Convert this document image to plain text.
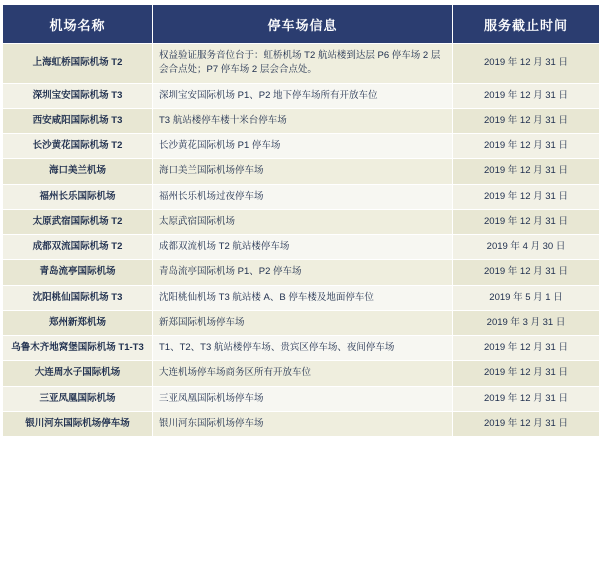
机场名称	停车场信息	服务截止时间
上海虹桥国际机场 T2	权益验证服务音位台于：虹桥机场 T2 航站楼到达层 P6 停车场 2 层会合点处；P7 停车场 2 层会合点处。	2019 年 12 月 31 日
深圳宝安国际机场 T3	深圳宝安国际机场 P1、P2 地下停车场所有开放车位	2019 年 12 月 31 日
西安咸阳国际机场 T3	T3 航站楼停车楼十米台停车场	2019 年 12 月 31 日
长沙黄花国际机场 T2	长沙黄花国际机场 P1 停车场	2019 年 12 月 31 日
海口美兰机场	海口美兰国际机场停车场	2019 年 12 月 31 日
福州长乐国际机场	福州长乐机场过夜停车场	2019 年 12 月 31 日
太原武宿国际机场 T2	太原武宿国际机场	2019 年 12 月 31 日
成都双流国际机场 T2	成都双流机场 T2 航站楼停车场	2019 年 4 月 30 日
青岛流亭国际机场	青岛流亭国际机场 P1、P2 停车场	2019 年 12 月 31 日
沈阳桃仙国际机场 T3	沈阳桃仙机场 T3 航站楼 A、B 停车楼及地面停车位	2019 年 5 月 1 日
郑州新郑机场	新郑国际机场停车场	2019 年 3 月 31 日
乌鲁木齐地窝堡国际机场 T1-T3	T1、T2、T3 航站楼停车场、贵宾区停车场、夜间停车场	2019 年 12 月 31 日
大连周水子国际机场	大连机场停车场商务区所有开放车位	2019 年 12 月 31 日
三亚凤凰国际机场	三亚凤凰国际机场停车场	2019 年 12 月 31 日
银川河东国际机场停车场	银川河东国际机场停车场	2019 年 12 月 31 日
